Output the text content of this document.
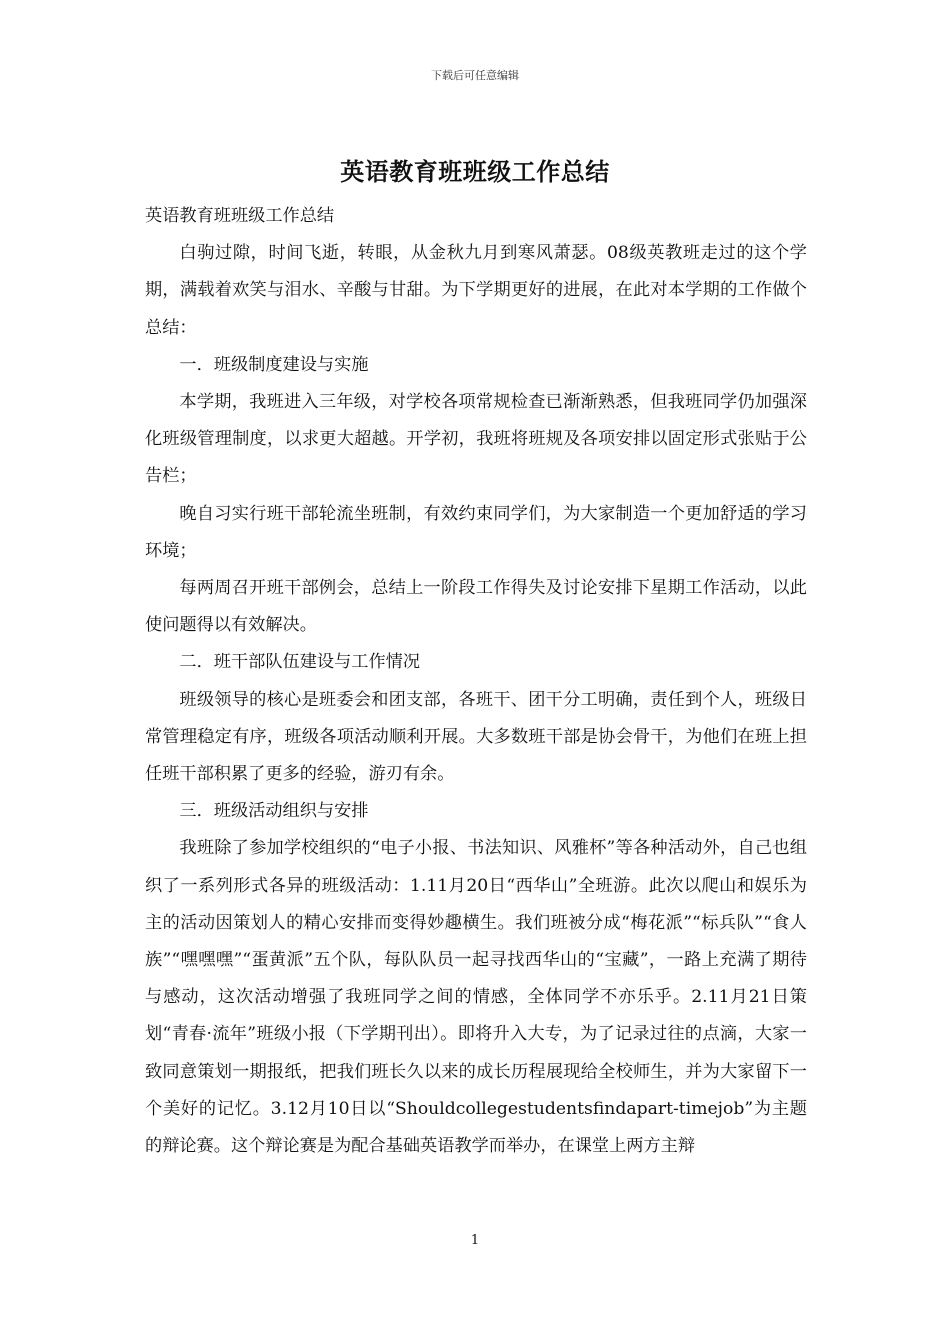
下载后可任意编辑
英语教育班班级工作总结

英语教育班班级工作总结

白驹过隙，时间飞逝，转眼，从金秋九月到寒风萧瑟。08级英教班走过的这个学期，满载着欢笑与泪水、辛酸与甘甜。为下学期更好的进展，在此对本学期的工作做个总结：

一．班级制度建设与实施

本学期，我班进入三年级，对学校各项常规检查已渐渐熟悉，但我班同学仍加强深化班级管理制度，以求更大超越。开学初，我班将班规及各项安排以固定形式张贴于公告栏；

晚自习实行班干部轮流坐班制，有效约束同学们，为大家制造一个更加舒适的学习环境；

每两周召开班干部例会，总结上一阶段工作得失及讨论安排下星期工作活动，以此使问题得以有效解决。

二．班干部队伍建设与工作情况

班级领导的核心是班委会和团支部，各班干、团干分工明确，责任到个人，班级日常管理稳定有序，班级各项活动顺利开展。大多数班干部是协会骨干，为他们在班上担任班干部积累了更多的经验，游刃有余。

三．班级活动组织与安排

我班除了参加学校组织的“电子小报、书法知识、风雅杯”等各种活动外，自己也组织了一系列形式各异的班级活动：1.11月20日“西华山”全班游。此次以爬山和娱乐为主的活动因策划人的精心安排而变得妙趣横生。我们班被分成“梅花派”“标兵队”“食人族”“嘿嘿嘿”“蛋黄派”五个队，每队队员一起寻找西华山的“宝藏”，一路上充满了期待与感动，这次活动增强了我班同学之间的情感，全体同学不亦乐乎。2.11月21日策划“青春·流年”班级小报（下学期刊出）。即将升入大专，为了记录过往的点滴，大家一致同意策划一期报纸，把我们班长久以来的成长历程展现给全校师生，并为大家留下一个美好的记忆。3.12月10日以“Shouldcollegestudentsfindapart-timejob”为主题的辩论赛。这个辩论赛是为配合基础英语教学而举办，在课堂上两方主辩

1
